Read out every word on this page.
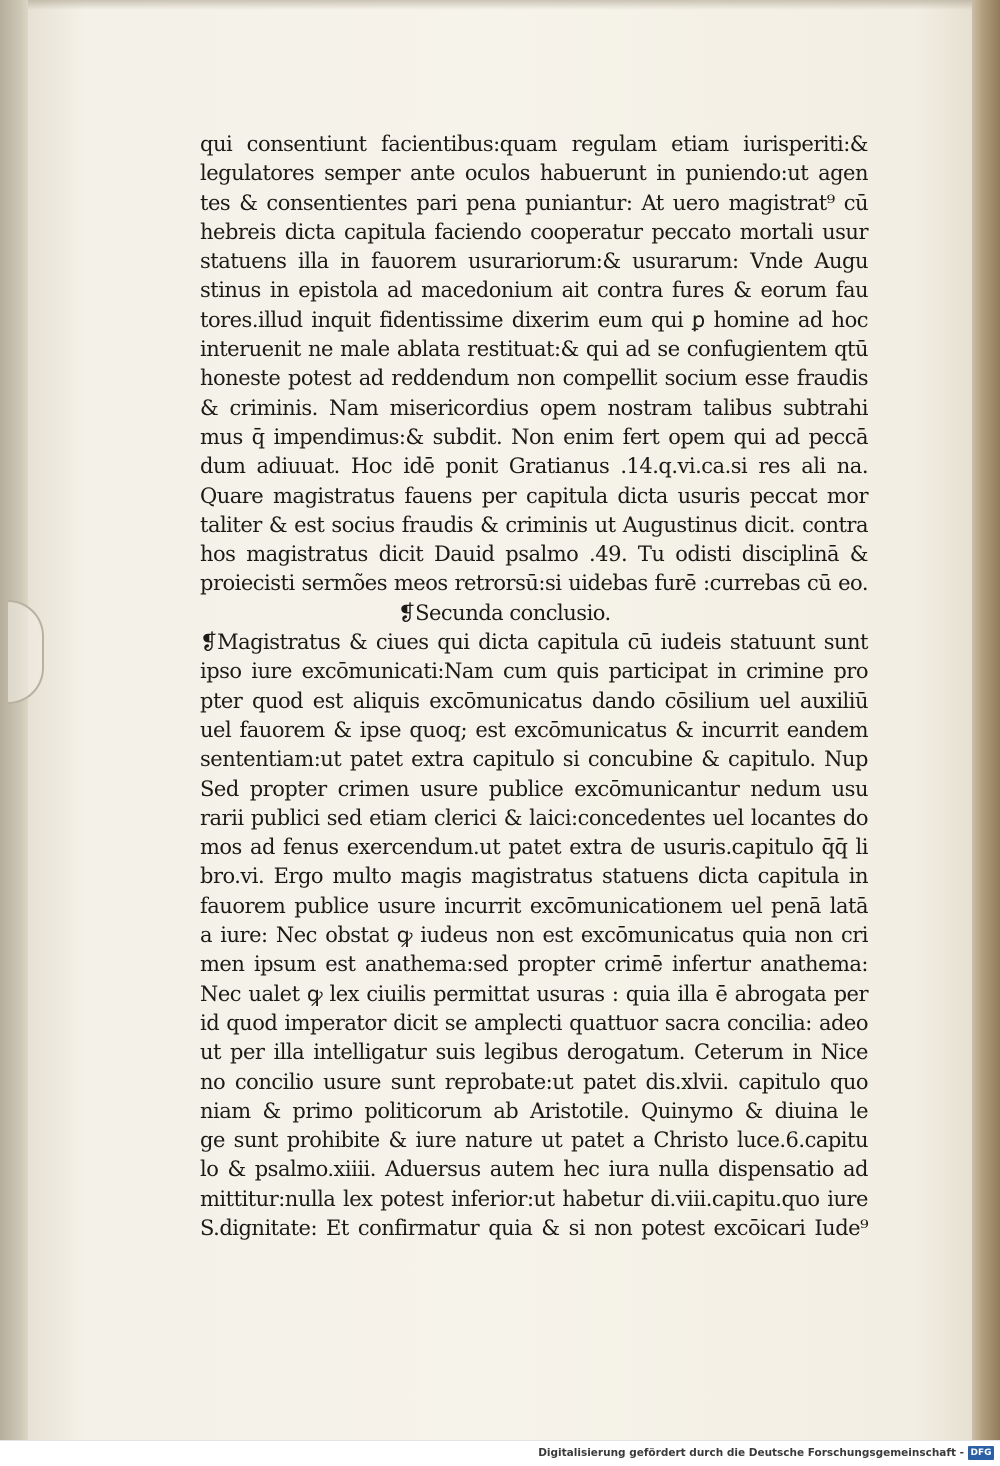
qui consentiunt facientibus:quam regulam etiam iurisperiti:&
legulatores semper ante oculos habuerunt in puniendo:ut agen
tes & consentientes pari pena puniantur: At uero magistrat⁹ cū
hebreis dicta capitula faciendo cooperatur peccato mortali usur
statuens illa in fauorem usurariorum:& usurarum: Vnde Augu
stinus in epistola ad macedonium ait contra fures & eorum fau
tores.illud inquit fidentissime dixerim eum qui ꝑ homine ad hoc
interuenit ne male ablata restituat:& qui ad se confugientem qtū
honeste potest ad reddendum non compellit socium esse fraudis
& criminis. Nam misericordius opem nostram talibus subtrahi
mus q̄ impendimus:& subdit. Non enim fert opem qui ad peccā
dum adiuuat. Hoc idē ponit Gratianus .14.q.vi.ca.si res ali na.
Quare magistratus fauens per capitula dicta usuris peccat mor
taliter & est socius fraudis & criminis ut Augustinus dicit. contra
hos magistratus dicit Dauid psalmo .49. Tu odisti disciplinā &
proiecisti sermões meos retrorsū:si uidebas furē :currebas cū eo.
❡Secunda conclusio.
❡Magistratus & ciues qui dicta capitula cū iudeis statuunt sunt
ipso iure excōmunicati:Nam cum quis participat in crimine pro
pter quod est aliquis excōmunicatus dando cōsilium uel auxiliū
uel fauorem & ipse quoq; est excōmunicatus & incurrit eandem
sententiam:ut patet extra capitulo si concubine & capitulo. Nup
Sed propter crimen usure publice excōmunicantur nedum usu
rarii publici sed etiam clerici & laici:concedentes uel locantes do
mos ad fenus exercendum.ut patet extra de usuris.capitulo q̄q̄ li
bro.vi. Ergo multo magis magistratus statuens dicta capitula in
fauorem publice usure incurrit excōmunicationem uel penā latā
a iure: Nec obstat ꝙ iudeus non est excōmunicatus quia non cri
men ipsum est anathema:sed propter crimē infertur anathema:
Nec ualet ꝙ lex ciuilis permittat usuras : quia illa ē abrogata per
id quod imperator dicit se amplecti quattuor sacra concilia: adeo
ut per illa intelligatur suis legibus derogatum. Ceterum in Nice
no concilio usure sunt reprobate:ut patet dis.xlvii. capitulo quo
niam & primo politicorum ab Aristotile. Quinymo & diuina le
ge sunt prohibite & iure nature ut patet a Christo luce.6.capitu
lo & psalmo.xiiii. Aduersus autem hec iura nulla dispensatio ad
mittitur:nulla lex potest inferior:ut habetur di.viii.capitu.quo iure
S.dignitate: Et confirmatur quia & si non potest excōicari Iude⁹
Digitalisierung gefördert durch die Deutsche Forschungsgemeinschaft - DFG
